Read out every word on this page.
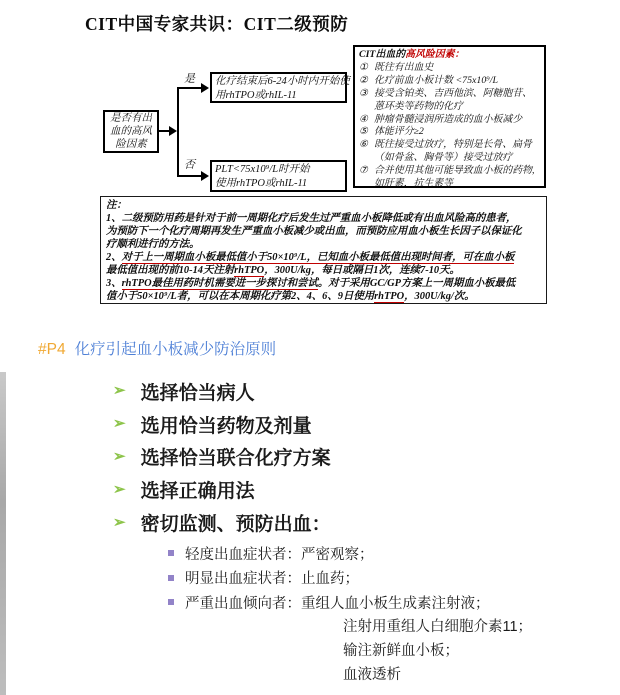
CIT中国专家共识：CIT二级预防
是否有出血的高风险因素
是
否
化疗结束后6-24小时内开始使
用rhTPO或rhIL-11
PLT<75x10⁹/L时开始
使用rhTPO或rhIL-11
CIT出血的高风险因素：
① 既往有出血史
② 化疗前血小板计数 <75x10⁹/L
③ 接受含铂类、吉西他滨、阿糖胞苷、
蒽环类等药物的化疗
④ 肿瘤骨髓浸润所造成的血小板减少
⑤ 体能评分≥2
⑥ 既往接受过放疗，特别是长骨、扁骨
（如骨盆、胸骨等）接受过放疗
⑦ 合并使用其他可能导致血小板的药物,
如肝素，抗生素等
注：
1、二级预防用药是针对于前一周期化疗后发生过严重血小板降低或有出血风险高的患者，
为预防下一个化疗周期再发生严重血小板减少或出血，而预防应用血小板生长因子以保证化
疗顺利进行的方法。
2、对于上一周期血小板最低值小于50×10⁹/L，已知血小板最低值出现时间者，可在血小板
最低值出现的前10-14天注射rhTPO，300U/kg，每日或隔日1次，连续7-10天。
3、rhTPO最佳用药时机需要进一步探讨和尝试。对于采用GC/GP方案上一周期血小板最低
值小于50×10⁹/L者，可以在本周期化疗第2、4、6、9日使用rhTPO，300U/kg/次。
#P4 化疗引起血小板减少防治原则
➢ 选择恰当病人
➢ 选用恰当药物及剂量
➢ 选择恰当联合化疗方案
➢ 选择正确用法
➢ 密切监测、预防出血：
轻度出血症状者：严密观察；
明显出血症状者：止血药；
严重出血倾向者：重组人血小板生成素注射液；
注射用重组人白细胞介素11；
输注新鲜血小板；
血液透析
